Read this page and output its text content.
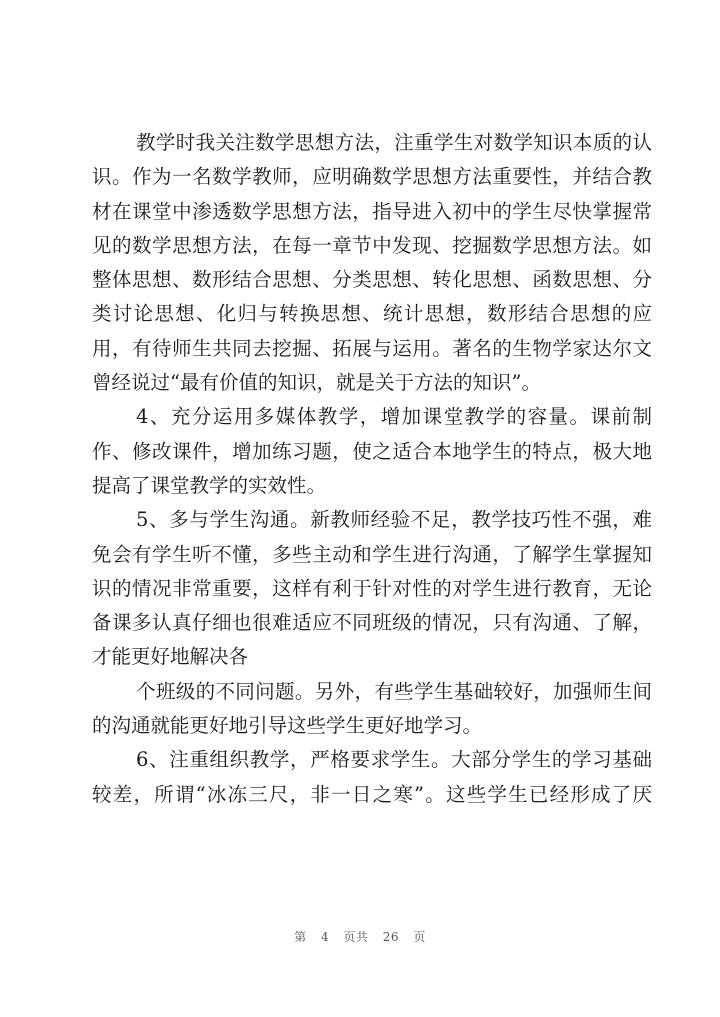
教学时我关注数学思想方法，注重学生对数学知识本质的认
识。作为一名数学教师，应明确数学思想方法重要性，并结合教
材在课堂中渗透数学思想方法，指导进入初中的学生尽快掌握常
见的数学思想方法，在每一章节中发现、挖掘数学思想方法。如
整体思想、数形结合思想、分类思想、转化思想、函数思想、分
类讨论思想、化归与转换思想、统计思想，数形结合思想的应
用，有待师生共同去挖掘、拓展与运用。著名的生物学家达尔文
曾经说过“最有价值的知识，就是关于方法的知识”。
4、充分运用多媒体教学，增加课堂教学的容量。课前制
作、修改课件，增加练习题，使之适合本地学生的特点，极大地
提高了课堂教学的实效性。
5、多与学生沟通。新教师经验不足，教学技巧性不强，难
免会有学生听不懂，多些主动和学生进行沟通，了解学生掌握知
识的情况非常重要，这样有利于针对性的对学生进行教育，无论
备课多认真仔细也很难适应不同班级的情况，只有沟通、了解，
才能更好地解决各
个班级的不同问题。另外，有些学生基础较好，加强师生间
的沟通就能更好地引导这些学生更好地学习。
6、注重组织教学，严格要求学生。大部分学生的学习基础
较差，所谓“冰冻三尺，非一日之寒”。这些学生已经形成了厌
第 4 页共 26 页
